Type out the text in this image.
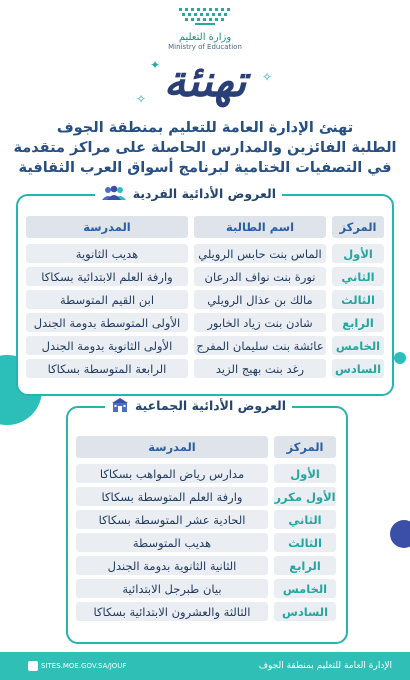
وزارة التعليم
Ministry of Education
✦
✧
✧ تهنئة

تهنئ الإدارة العامة للتعليم بمنطقة الجوف

الطلبة الفائزين والمدارس الحاصلة على مراكز متقدمة

في التصفيات الختامية لبرنامج أسواق العرب الثقافية

العروض الأدائية الفردية
المركز
اسم الطالبة
المدرسة
الأول
الماس بنت حابس الرويلي
هديب الثانوية
الثاني
نورة بنت نواف الدرعان
وارفة العلم الابتدائية بسكاكا
الثالث
مالك بن عذال الرويلي
ابن القيم المتوسطة
الرابع
شادن بنت زياد الخابور
الأولى المتوسطة بدومة الجندل
الخامس
عائشة بنت سليمان المفرج
الأولى الثانوية بدومة الجندل
السادس
رغد بنت بهيج الزيد
الرابعة المتوسطة بسكاكا
العروض الأدائية الجماعية
المركز
المدرسة
الأول
مدارس رياض المواهب بسكاكا
الأول مكرر
وارفة العلم المتوسطة بسكاكا
الثاني
الحادية عشر المتوسطة بسكاكا
الثالث
هديب المتوسطة
الرابع
الثانية الثانوية بدومة الجندل
الخامس
بيان طبرجل الابتدائية
السادس
الثالثة والعشرون الابتدائية بسكاكا
الإدارة العامة للتعليم بمنطقة الجوف
SITES.MOE.GOV.SA/JOUF
